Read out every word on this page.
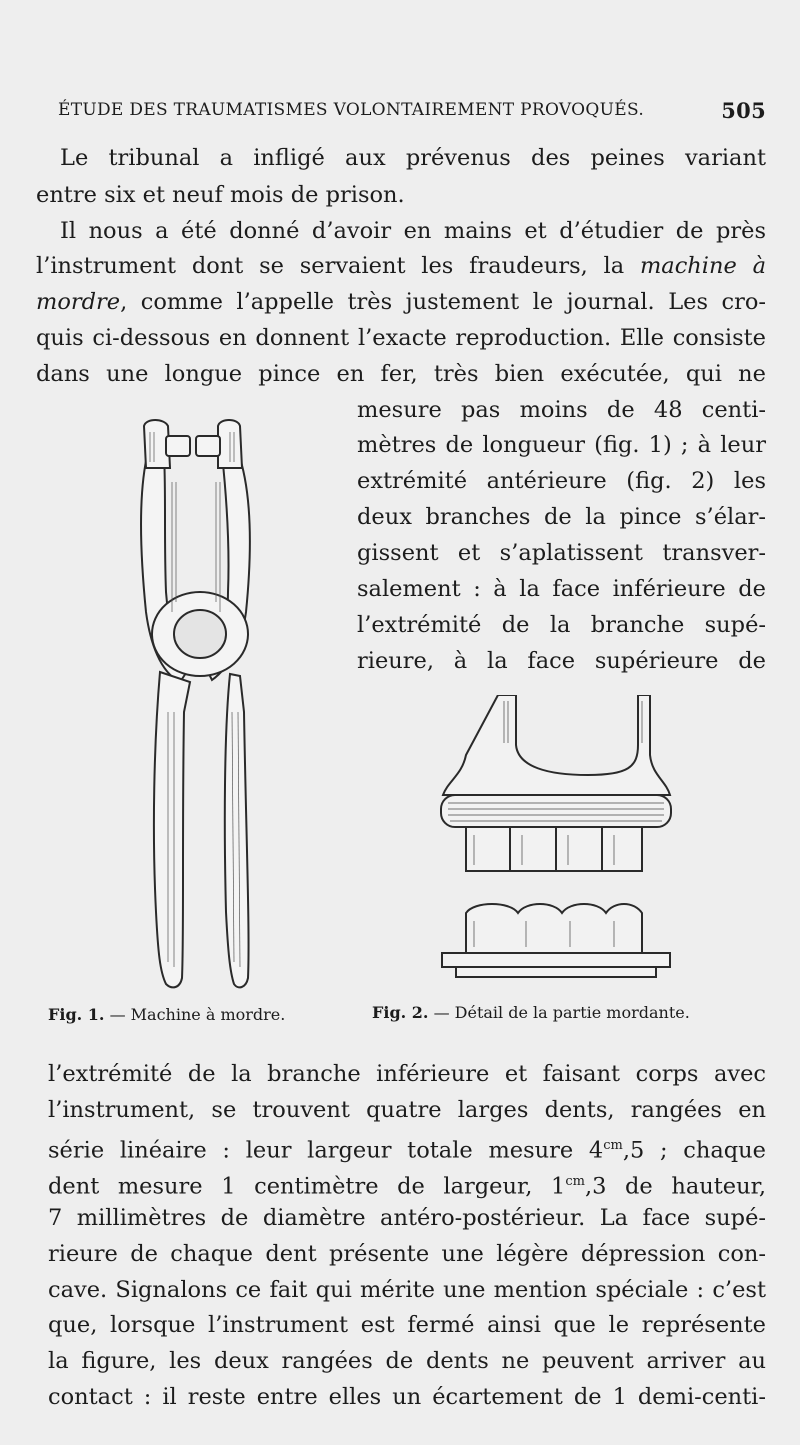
ÉTUDE DES TRAUMATISMES VOLONTAIREMENT PROVOQUÉS.	505
Le tribunal a infligé aux prévenus des peines variant
entre six et neuf mois de prison.
Il nous a été donné d’avoir en mains et d’étudier de près
l’instrument dont se servaient les fraudeurs, la machine à
mordre, comme l’appelle très justement le journal. Les cro-
quis ci-dessous en donnent l’exacte reproduction. Elle consiste
dans une longue pince en fer, très bien exécutée, qui ne
mesure pas moins de 48 centi-
mètres de longueur (fig. 1) ; à leur
extrémité antérieure (fig. 2) les
deux branches de la pince s’élar-
gissent et s’aplatissent transver-
salement : à la face inférieure de
l’extrémité de la branche supé-
rieure, à la face supérieure de
Fig. 1. — Machine à mordre.	Fig. 2. — Détail de la partie mordante.
l’extrémité de la branche inférieure et faisant corps avec
l’instrument, se trouvent quatre larges dents, rangées en
série linéaire : leur largeur totale mesure $4^{cm},5$ ; chaque
dent mesure 1 centimètre de largeur, $1^{cm},3$ de hauteur,
7 millimètres de diamètre antéro-postérieur. La face supé-
rieure de chaque dent présente une légère dépression con-
cave. Signalons ce fait qui mérite une mention spéciale : c’est
que, lorsque l’instrument est fermé ainsi que le représente
la figure, les deux rangées de dents ne peuvent arriver au
contact : il reste entre elles un écartement de 1 demi-centi-
